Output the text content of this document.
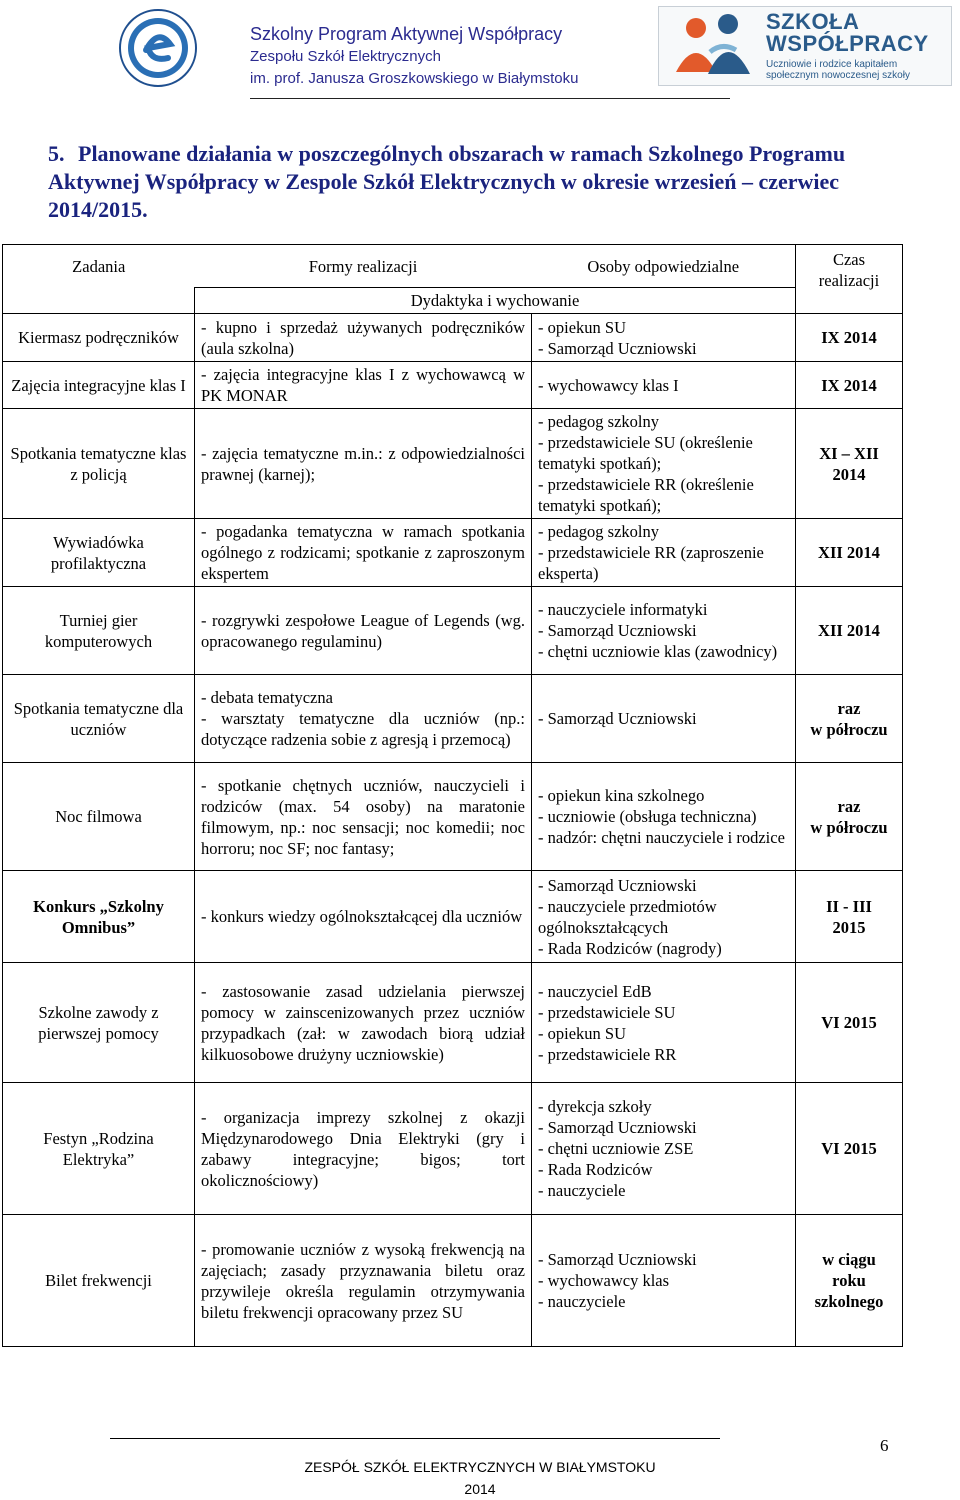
Szkolny Program Aktywnej Współpracy
Zespołu Szkół Elektrycznych
im. prof. Janusza Groszkowskiego w Białymstoku
SZKOŁA
WSPÓŁPRACY
Uczniowie i rodzice kapitałem społecznym nowoczesnej szkoły
5. Planowane działania w poszczególnych obszarach w ramach Szkolnego Programu Aktywnej Współpracy w Zespole Szkół Elektrycznych w okresie wrzesień – czerwiec 2014/2015.
Zadania	Formy realizacji	Osoby odpowiedzialne	Czas
realizacji

	Dydaktyka i wychowanie		
Kiermasz podręczników	- kupno i sprzedaż używanych podręczników (aula szkolna)	- opiekun SU
- Samorząd Uczniowski	IX 2014
Zajęcia integracyjne klas I	- zajęcia integracyjne klas I z wychowawcą w PK MONAR	- wychowawcy klas I	IX 2014
Spotkania tematyczne klas z policją	- zajęcia tematyczne m.in.: z odpowiedzialności prawnej (karnej);	- pedagog szkolny
- przedstawiciele SU (określenie tematyki spotkań);
- przedstawiciele RR (określenie tematyki spotkań);	XI – XII 2014
Wywiadówka profilaktyczna	- pogadanka tematyczna w ramach spotkania ogólnego z rodzicami; spotkanie z zaproszonym ekspertem	- pedagog szkolny
- przedstawiciele RR (zaproszenie eksperta)	XII 2014
Turniej gier komputerowych	- rozgrywki zespołowe League of Legends (wg. opracowanego regulaminu)	- nauczyciele informatyki
- Samorząd Uczniowski
- chętni uczniowie klas (zawodnicy)	XII 2014
Spotkania tematyczne dla uczniów	- debata tematyczna
- warsztaty tematyczne dla uczniów (np.: dotyczące radzenia sobie z agresją i przemocą)	- Samorząd Uczniowski	raz
w półroczu
Noc filmowa	- spotkanie chętnych uczniów, nauczycieli i rodziców (max. 54 osoby) na maratonie filmowym, np.: noc sensacji; noc komedii; noc horroru; noc SF; noc fantasy;	- opiekun kina szkolnego
- uczniowie (obsługa techniczna)
- nadzór: chętni nauczyciele i rodzice	raz
w półroczu
Konkurs „Szkolny Omnibus”	- konkurs wiedzy ogólnokształcącej dla uczniów	- Samorząd Uczniowski
- nauczyciele przedmiotów ogólnokształcących
- Rada Rodziców (nagrody)	II - III
2015
Szkolne zawody z pierwszej pomocy	- zastosowanie zasad udzielania pierwszej pomocy w zainscenizowanych przez uczniów przypadkach (zał: w zawodach biorą udział kilkuosobowe drużyny uczniowskie)	- nauczyciel EdB
- przedstawiciele SU
- opiekun SU
- przedstawiciele RR	VI 2015
Festyn „Rodzina Elektryka”	- organizacja imprezy szkolnej z okazji Międzynarodowego Dnia Elektryki (gry i zabawy integracyjne; bigos; tort okolicznościowy)	- dyrekcja szkoły
- Samorząd Uczniowski
- chętni uczniowie ZSE
- Rada Rodziców
- nauczyciele	VI 2015
Bilet frekwencji	- promowanie uczniów z wysoką frekwencją na zajęciach; zasady przyznawania biletu oraz przywileje określa regulamin otrzymywania biletu frekwencji opracowany przez SU	- Samorząd Uczniowski
- wychowawcy klas
- nauczyciele	w ciągu
roku
szkolnego
6
ZESPÓŁ SZKÓŁ ELEKTRYCZNYCH W BIAŁYMSTOKU
2014
